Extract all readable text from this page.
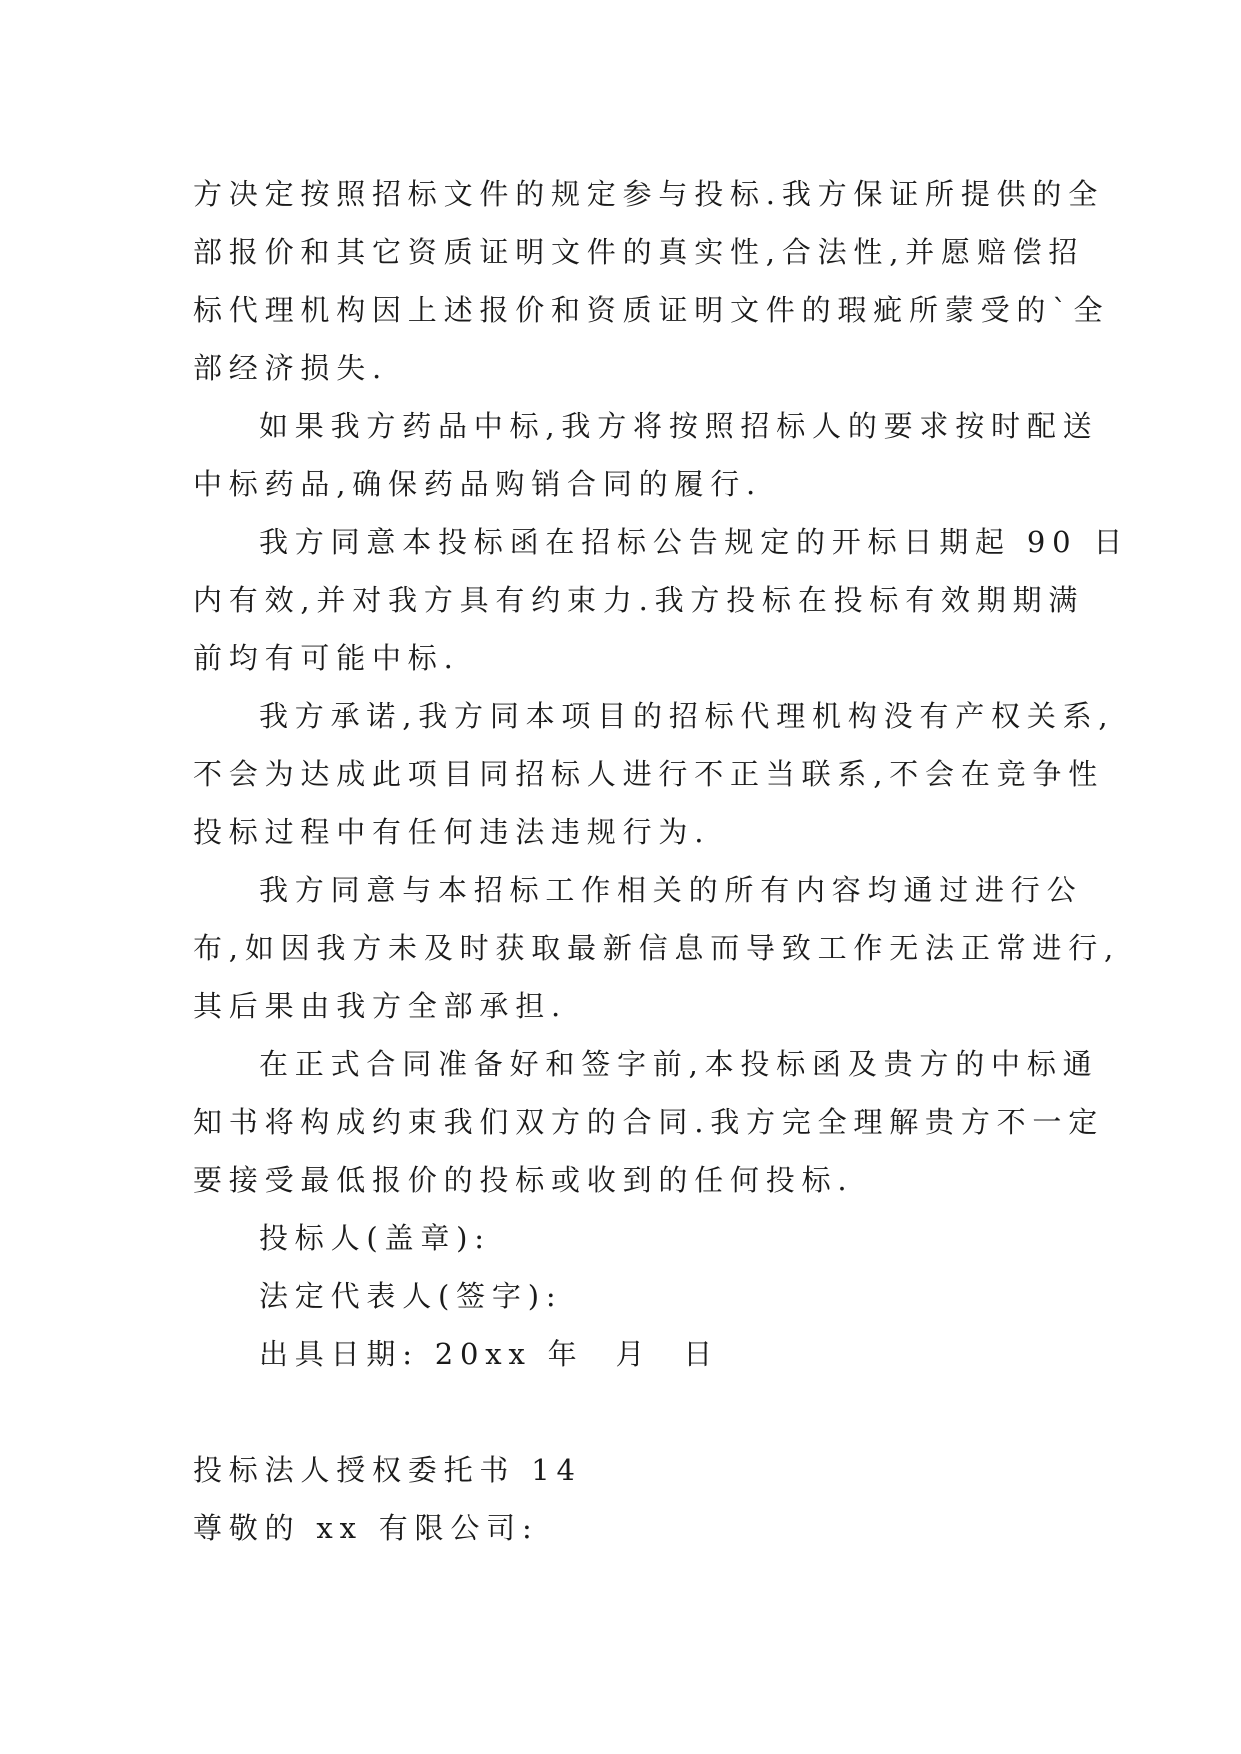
方决定按照招标文件的规定参与投标.我方保证所提供的全
部报价和其它资质证明文件的真实性,合法性,并愿赔偿招
标代理机构因上述报价和资质证明文件的瑕疵所蒙受的`全
部经济损失.
如果我方药品中标,我方将按照招标人的要求按时配送
中标药品,确保药品购销合同的履行.
我方同意本投标函在招标公告规定的开标日期起 90 日
内有效,并对我方具有约束力.我方投标在投标有效期期满
前均有可能中标.
我方承诺,我方同本项目的招标代理机构没有产权关系,
不会为达成此项目同招标人进行不正当联系,不会在竞争性
投标过程中有任何违法违规行为.
我方同意与本招标工作相关的所有内容均通过进行公
布,如因我方未及时获取最新信息而导致工作无法正常进行,
其后果由我方全部承担.
在正式合同准备好和签字前,本投标函及贵方的中标通
知书将构成约束我们双方的合同.我方完全理解贵方不一定
要接受最低报价的投标或收到的任何投标.
投标人(盖章):
法定代表人(签字):
出具日期: 20xx 年  月  日
投标法人授权委托书 14
尊敬的 xx 有限公司:
